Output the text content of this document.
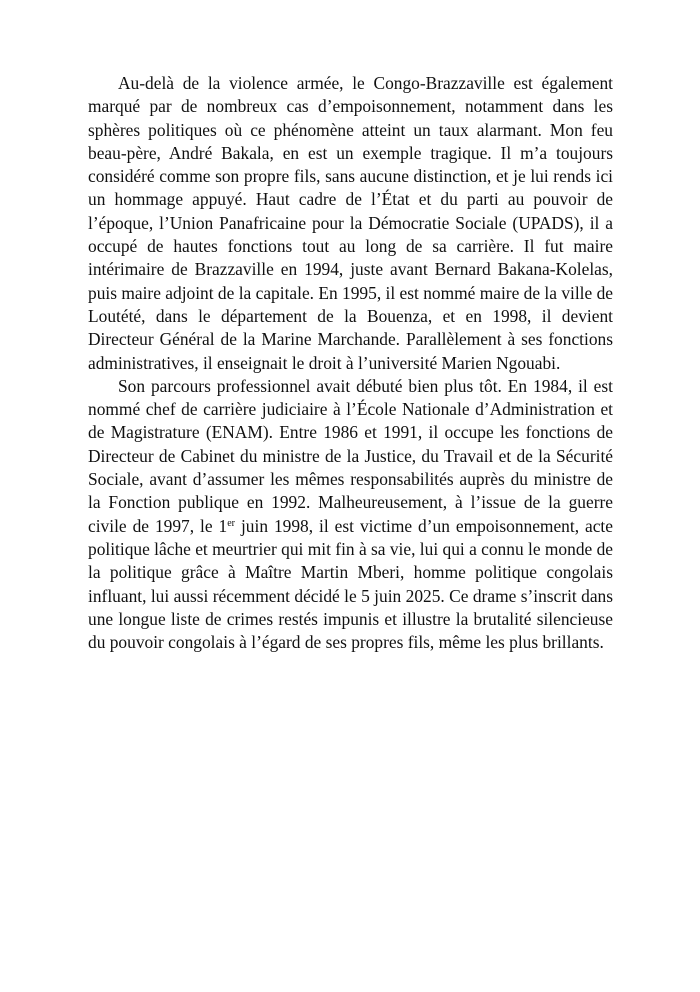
Au-delà de la violence armée, le Congo-Brazzaville est également marqué par de nombreux cas d’empoisonnement, notamment dans les sphères politiques où ce phénomène atteint un taux alarmant. Mon feu beau-père, André Bakala, en est un exemple tragique. Il m’a toujours considéré comme son propre fils, sans aucune distinction, et je lui rends ici un hommage appuyé. Haut cadre de l’État et du parti au pouvoir de l’époque, l’Union Panafricaine pour la Démocratie Sociale (UPADS), il a occupé de hautes fonctions tout au long de sa carrière. Il fut maire intérimaire de Brazzaville en 1994, juste avant Bernard Bakana-Kolelas, puis maire adjoint de la capitale. En 1995, il est nommé maire de la ville de Loutété, dans le département de la Bouenza, et en 1998, il devient Directeur Général de la Marine Marchande. Parallèlement à ses fonctions administratives, il enseignait le droit à l’université Marien Ngouabi.

Son parcours professionnel avait débuté bien plus tôt. En 1984, il est nommé chef de carrière judiciaire à l’École Nationale d’Administration et de Magistrature (ENAM). Entre 1986 et 1991, il occupe les fonctions de Directeur de Cabinet du ministre de la Justice, du Travail et de la Sécurité Sociale, avant d’assumer les mêmes responsabilités auprès du ministre de la Fonction publique en 1992. Malheureusement, à l’issue de la guerre civile de 1997, le 1er juin 1998, il est victime d’un empoisonnement, acte politique lâche et meurtrier qui mit fin à sa vie, lui qui a connu le monde de la politique grâce à Maître Martin Mberi, homme politique congolais influant, lui aussi récemment décidé le 5 juin 2025. Ce drame s’inscrit dans une longue liste de crimes restés impunis et illustre la brutalité silencieuse du pouvoir congolais à l’égard de ses propres fils, même les plus brillants.
